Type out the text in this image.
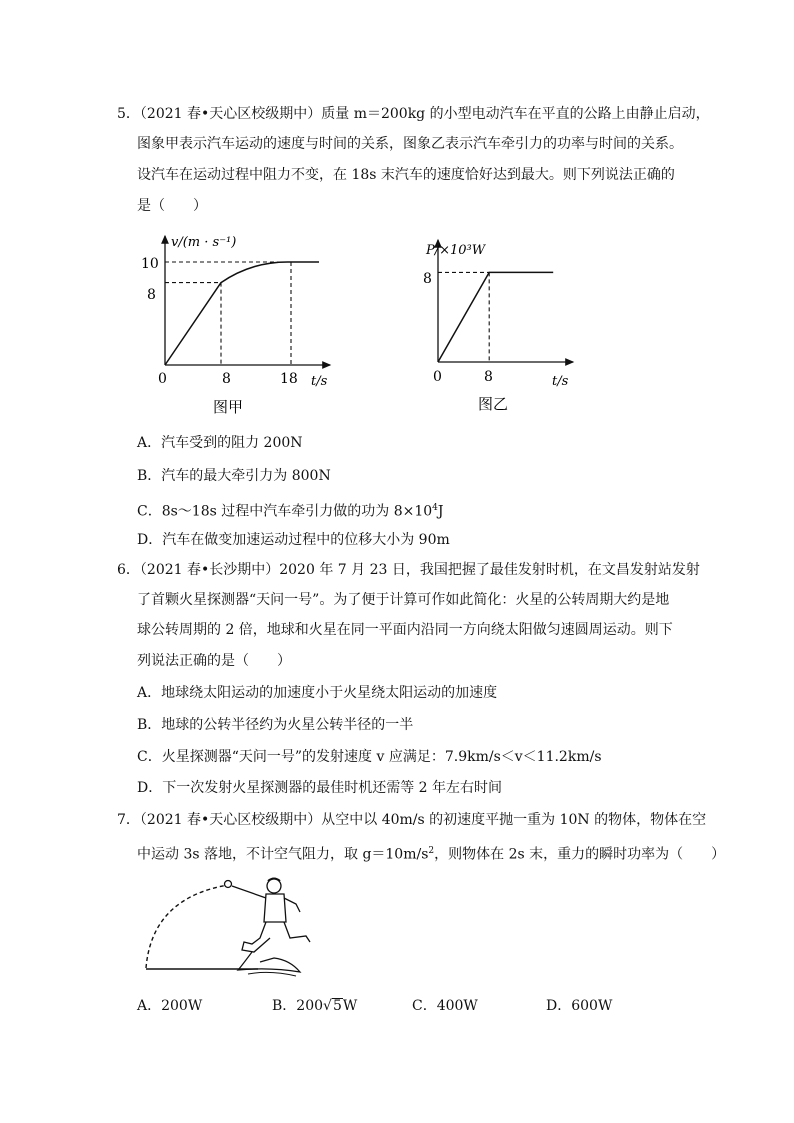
5．（2021 春•天心区校级期中）质量 m＝200kg 的小型电动汽车在平直的公路上由静止启动，
图象甲表示汽车运动的速度与时间的关系，图象乙表示汽车牵引力的功率与时间的关系。
设汽车在运动过程中阻力不变，在 18s 末汽车的速度恰好达到最大。则下列说法正确的
是（　　）
v/(m · s⁻¹)
t/s
0	8	18
8
10
图甲
P/×10³W
t/s
0	8
8
图乙
A．汽车受到的阻力 200N
B．汽车的最大牵引力为 800N
C．8s～18s 过程中汽车牵引力做的功为 $8\times 10^4J$
D．汽车在做变加速运动过程中的位移大小为 90m
6．（2021 春•长沙期中）2020 年 7 月 23 日，我国把握了最佳发射时机，在文昌发射站发射
了首颗火星探测器“天问一号”。为了便于计算可作如此简化：火星的公转周期大约是地
球公转周期的 2 倍，地球和火星在同一平面内沿同一方向绕太阳做匀速圆周运动。则下
列说法正确的是（　　）
A．地球绕太阳运动的加速度小于火星绕太阳运动的加速度
B．地球的公转半径约为火星公转半径的一半
C．火星探测器“天问一号”的发射速度 v 应满足：7.9km/s＜v＜11.2km/s
D．下一次发射火星探测器的最佳时机还需等 2 年左右时间
7．（2021 春•天心区校级期中）从空中以 40m/s 的初速度平抛一重为 10N 的物体，物体在空
中运动 3s 落地，不计空气阻力，取 $g=10m/s^2$，则物体在 2s 末，重力的瞬时功率为（　　）
A．200W	B．200√5W	C．400W	D．600W
